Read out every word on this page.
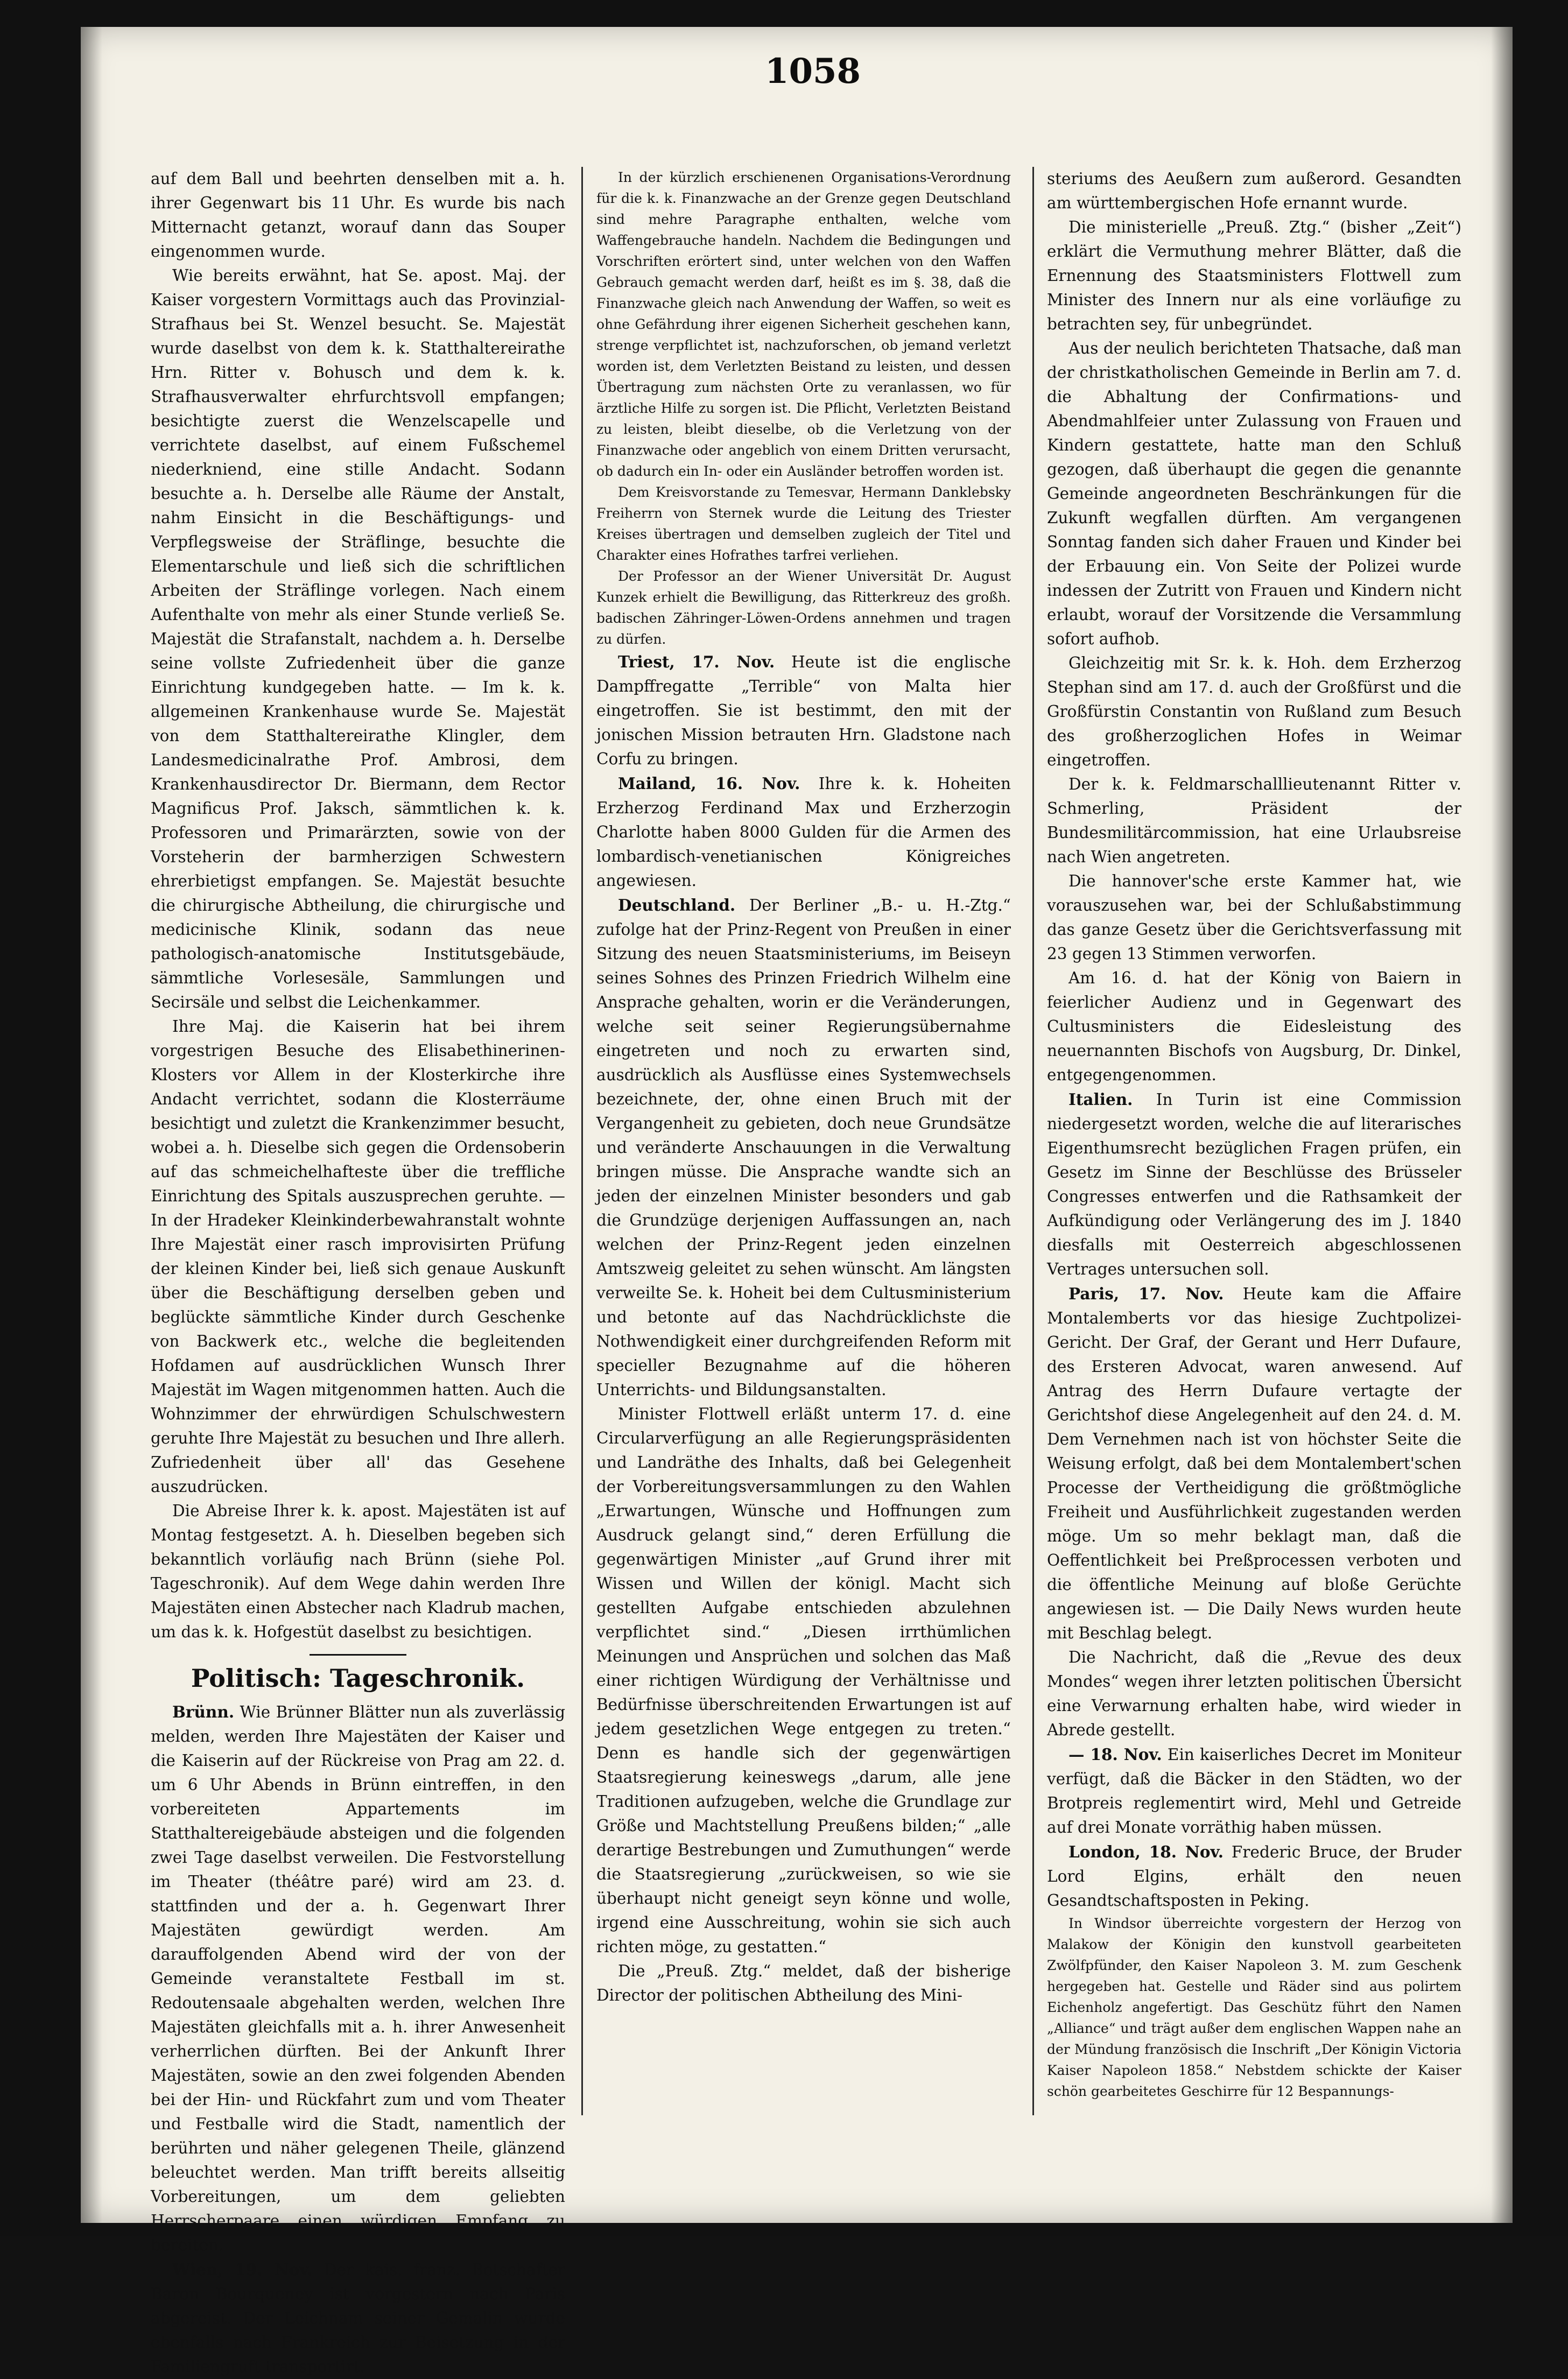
1058

auf dem Ball und beehrten denselben mit a. h. ihrer Gegenwart bis 11 Uhr. Es wurde bis nach Mitternacht getanzt, worauf dann das Souper eingenommen wurde.

Wie bereits erwähnt, hat Se. apost. Maj. der Kaiser vorgestern Vormittags auch das Provinzial-Strafhaus bei St. Wenzel besucht. Se. Majestät wurde daselbst von dem k. k. Statthaltereirathe Hrn. Ritter v. Bohusch und dem k. k. Strafhausverwalter ehrfurchtsvoll empfangen; besichtigte zuerst die Wenzelscapelle und verrichtete daselbst, auf einem Fußschemel niederkniend, eine stille Andacht. Sodann besuchte a. h. Derselbe alle Räume der Anstalt, nahm Einsicht in die Beschäftigungs- und Verpflegsweise der Sträflinge, besuchte die Elementarschule und ließ sich die schriftlichen Arbeiten der Sträflinge vorlegen. Nach einem Aufenthalte von mehr als einer Stunde verließ Se. Majestät die Strafanstalt, nachdem a. h. Derselbe seine vollste Zufriedenheit über die ganze Einrichtung kundgegeben hatte. — Im k. k. allgemeinen Krankenhause wurde Se. Majestät von dem Statthaltereirathe Klingler, dem Landesmedicinalrathe Prof. Ambrosi, dem Krankenhausdirector Dr. Biermann, dem Rector Magnificus Prof. Jaksch, sämmtlichen k. k. Professoren und Primarärzten, sowie von der Vorsteherin der barmherzigen Schwestern ehrerbietigst empfangen. Se. Majestät besuchte die chirurgische Abtheilung, die chirurgische und medicinische Klinik, sodann das neue pathologisch-anatomische Institutsgebäude, sämmtliche Vorlesesäle, Sammlungen und Secirsäle und selbst die Leichenkammer.

Ihre Maj. die Kaiserin hat bei ihrem vorgestrigen Besuche des Elisabethinerinen-Klosters vor Allem in der Klosterkirche ihre Andacht verrichtet, sodann die Klosterräume besichtigt und zuletzt die Krankenzimmer besucht, wobei a. h. Dieselbe sich gegen die Ordensoberin auf das schmeichelhafteste über die treffliche Einrichtung des Spitals auszusprechen geruhte. — In der Hradeker Kleinkinderbewahranstalt wohnte Ihre Majestät einer rasch improvisirten Prüfung der kleinen Kinder bei, ließ sich genaue Auskunft über die Beschäftigung derselben geben und beglückte sämmtliche Kinder durch Geschenke von Backwerk etc., welche die begleitenden Hofdamen auf ausdrücklichen Wunsch Ihrer Majestät im Wagen mitgenommen hatten. Auch die Wohnzimmer der ehrwürdigen Schulschwestern geruhte Ihre Majestät zu besuchen und Ihre allerh. Zufriedenheit über all' das Gesehene auszudrücken.

Die Abreise Ihrer k. k. apost. Majestäten ist auf Montag festgesetzt. A. h. Dieselben begeben sich bekanntlich vorläufig nach Brünn (siehe Pol. Tageschronik). Auf dem Wege dahin werden Ihre Majestäten einen Abstecher nach Kladrub machen, um das k. k. Hofgestüt daselbst zu besichtigen.

Politisch: Tageschronik.

Brünn. Wie Brünner Blätter nun als zuverlässig melden, werden Ihre Majestäten der Kaiser und die Kaiserin auf der Rückreise von Prag am 22. d. um 6 Uhr Abends in Brünn eintreffen, in den vorbereiteten Appartements im Statthaltereigebäude absteigen und die folgenden zwei Tage daselbst verweilen. Die Festvorstellung im Theater (théâtre paré) wird am 23. d. stattfinden und der a. h. Gegenwart Ihrer Majestäten gewürdigt werden. Am darauffolgenden Abend wird der von der Gemeinde veranstaltete Festball im st. Redoutensaale abgehalten werden, welchen Ihre Majestäten gleichfalls mit a. h. ihrer Anwesenheit verherrlichen dürften. Bei der Ankunft Ihrer Majestäten, sowie an den zwei folgenden Abenden bei der Hin- und Rückfahrt zum und vom Theater und Festballe wird die Stadt, namentlich der berührten und näher gelegenen Theile, glänzend beleuchtet werden. Man trifft bereits allseitig Vorbereitungen, um dem geliebten Herrscherpaare einen würdigen Empfang zu bereiten.

Wien, 19. Nov. Der kais. franz. Botschafter Baron Bourqueney ist vorgestern nach Paris abgereist. Der Leichnam seiner Gemalin wurde ebenfalls nach Frankreich zur Beisetzung in der Familiengruft transportirt.

In der kürzlich erschienenen Organisations-Verordnung für die k. k. Finanzwache an der Grenze gegen Deutschland sind mehre Paragraphe enthalten, welche vom Waffengebrauche handeln. Nachdem die Bedingungen und Vorschriften erörtert sind, unter welchen von den Waffen Gebrauch gemacht werden darf, heißt es im §. 38, daß die Finanzwache gleich nach Anwendung der Waffen, so weit es ohne Gefährdung ihrer eigenen Sicherheit geschehen kann, strenge verpflichtet ist, nachzuforschen, ob jemand verletzt worden ist, dem Verletzten Beistand zu leisten, und dessen Übertragung zum nächsten Orte zu veranlassen, wo für ärztliche Hilfe zu sorgen ist. Die Pflicht, Verletzten Beistand zu leisten, bleibt dieselbe, ob die Verletzung von der Finanzwache oder angeblich von einem Dritten verursacht, ob dadurch ein In- oder ein Ausländer betroffen worden ist.

Dem Kreisvorstande zu Temesvar, Hermann Danklebsky Freiherrn von Sternek wurde die Leitung des Triester Kreises übertragen und demselben zugleich der Titel und Charakter eines Hofrathes tarfrei verliehen.

Der Professor an der Wiener Universität Dr. August Kunzek erhielt die Bewilligung, das Ritterkreuz des großh. badischen Zähringer-Löwen-Ordens annehmen und tragen zu dürfen.

Triest, 17. Nov. Heute ist die englische Dampffregatte „Terrible“ von Malta hier eingetroffen. Sie ist bestimmt, den mit der jonischen Mission betrauten Hrn. Gladstone nach Corfu zu bringen.

Mailand, 16. Nov. Ihre k. k. Hoheiten Erzherzog Ferdinand Max und Erzherzogin Charlotte haben 8000 Gulden für die Armen des lombardisch-venetianischen Königreiches angewiesen.

Deutschland. Der Berliner „B.- u. H.-Ztg.“ zufolge hat der Prinz-Regent von Preußen in einer Sitzung des neuen Staatsministeriums, im Beiseyn seines Sohnes des Prinzen Friedrich Wilhelm eine Ansprache gehalten, worin er die Veränderungen, welche seit seiner Regierungsübernahme eingetreten und noch zu erwarten sind, ausdrücklich als Ausflüsse eines Systemwechsels bezeichnete, der, ohne einen Bruch mit der Vergangenheit zu gebieten, doch neue Grundsätze und veränderte Anschauungen in die Verwaltung bringen müsse. Die Ansprache wandte sich an jeden der einzelnen Minister besonders und gab die Grundzüge derjenigen Auffassungen an, nach welchen der Prinz-Regent jeden einzelnen Amtszweig geleitet zu sehen wünscht. Am längsten verweilte Se. k. Hoheit bei dem Cultusministerium und betonte auf das Nachdrücklichste die Nothwendigkeit einer durchgreifenden Reform mit specieller Bezugnahme auf die höheren Unterrichts- und Bildungsanstalten.

Minister Flottwell erläßt unterm 17. d. eine Circularverfügung an alle Regierungspräsidenten und Landräthe des Inhalts, daß bei Gelegenheit der Vorbereitungsversammlungen zu den Wahlen „Erwartungen, Wünsche und Hoffnungen zum Ausdruck gelangt sind,“ deren Erfüllung die gegenwärtigen Minister „auf Grund ihrer mit Wissen und Willen der königl. Macht sich gestellten Aufgabe entschieden abzulehnen verpflichtet sind.“ „Diesen irrthümlichen Meinungen und Ansprüchen und solchen das Maß einer richtigen Würdigung der Verhältnisse und Bedürfnisse überschreitenden Erwartungen ist auf jedem gesetzlichen Wege entgegen zu treten.“ Denn es handle sich der gegenwärtigen Staatsregierung keineswegs „darum, alle jene Traditionen aufzugeben, welche die Grundlage zur Größe und Machtstellung Preußens bilden;“ „alle derartige Bestrebungen und Zumuthungen“ werde die Staatsregierung „zurückweisen, so wie sie überhaupt nicht geneigt seyn könne und wolle, irgend eine Ausschreitung, wohin sie sich auch richten möge, zu gestatten.“

Die „Preuß. Ztg.“ meldet, daß der bisherige Director der politischen Abtheilung des Mini-

steriums des Aeußern zum außerord. Gesandten am württembergischen Hofe ernannt wurde.

Die ministerielle „Preuß. Ztg.“ (bisher „Zeit“) erklärt die Vermuthung mehrer Blätter, daß die Ernennung des Staatsministers Flottwell zum Minister des Innern nur als eine vorläufige zu betrachten sey, für unbegründet.

Aus der neulich berichteten Thatsache, daß man der christkatholischen Gemeinde in Berlin am 7. d. die Abhaltung der Confirmations- und Abendmahlfeier unter Zulassung von Frauen und Kindern gestattete, hatte man den Schluß gezogen, daß überhaupt die gegen die genannte Gemeinde angeordneten Beschränkungen für die Zukunft wegfallen dürften. Am vergangenen Sonntag fanden sich daher Frauen und Kinder bei der Erbauung ein. Von Seite der Polizei wurde indessen der Zutritt von Frauen und Kindern nicht erlaubt, worauf der Vorsitzende die Versammlung sofort aufhob.

Gleichzeitig mit Sr. k. k. Hoh. dem Erzherzog Stephan sind am 17. d. auch der Großfürst und die Großfürstin Constantin von Rußland zum Besuch des großherzoglichen Hofes in Weimar eingetroffen.

Der k. k. Feldmarschalllieutenannt Ritter v. Schmerling, Präsident der Bundesmilitärcommission, hat eine Urlaubsreise nach Wien angetreten.

Die hannover'sche erste Kammer hat, wie vorauszusehen war, bei der Schlußabstimmung das ganze Gesetz über die Gerichtsverfassung mit 23 gegen 13 Stimmen verworfen.

Am 16. d. hat der König von Baiern in feierlicher Audienz und in Gegenwart des Cultusministers die Eidesleistung des neuernannten Bischofs von Augsburg, Dr. Dinkel, entgegengenommen.

Italien. In Turin ist eine Commission niedergesetzt worden, welche die auf literarisches Eigenthumsrecht bezüglichen Fragen prüfen, ein Gesetz im Sinne der Beschlüsse des Brüsseler Congresses entwerfen und die Rathsamkeit der Aufkündigung oder Verlängerung des im J. 1840 diesfalls mit Oesterreich abgeschlossenen Vertrages untersuchen soll.

Paris, 17. Nov. Heute kam die Affaire Montalemberts vor das hiesige Zuchtpolizei-Gericht. Der Graf, der Gerant und Herr Dufaure, des Ersteren Advocat, waren anwesend. Auf Antrag des Herrn Dufaure vertagte der Gerichtshof diese Angelegenheit auf den 24. d. M. Dem Vernehmen nach ist von höchster Seite die Weisung erfolgt, daß bei dem Montalembert'schen Processe der Vertheidigung die größtmögliche Freiheit und Ausführlichkeit zugestanden werden möge. Um so mehr beklagt man, daß die Oeffentlichkeit bei Preßprocessen verboten und die öffentliche Meinung auf bloße Gerüchte angewiesen ist. — Die Daily News wurden heute mit Beschlag belegt.

Die Nachricht, daß die „Revue des deux Mondes“ wegen ihrer letzten politischen Übersicht eine Verwarnung erhalten habe, wird wieder in Abrede gestellt.

— 18. Nov. Ein kaiserliches Decret im Moniteur verfügt, daß die Bäcker in den Städten, wo der Brotpreis reglementirt wird, Mehl und Getreide auf drei Monate vorräthig haben müssen.

London, 18. Nov. Frederic Bruce, der Bruder Lord Elgins, erhält den neuen Gesandtschaftsposten in Peking.

In Windsor überreichte vorgestern der Herzog von Malakow der Königin den kunstvoll gearbeiteten Zwölfpfünder, den Kaiser Napoleon 3. M. zum Geschenk hergegeben hat. Gestelle und Räder sind aus polirtem Eichenholz angefertigt. Das Geschütz führt den Namen „Alliance“ und trägt außer dem englischen Wappen nahe an der Mündung französisch die Inschrift „Der Königin Victoria Kaiser Napoleon 1858.“ Nebstdem schickte der Kaiser schön gearbeitetes Geschirre für 12 Bespannungs-
